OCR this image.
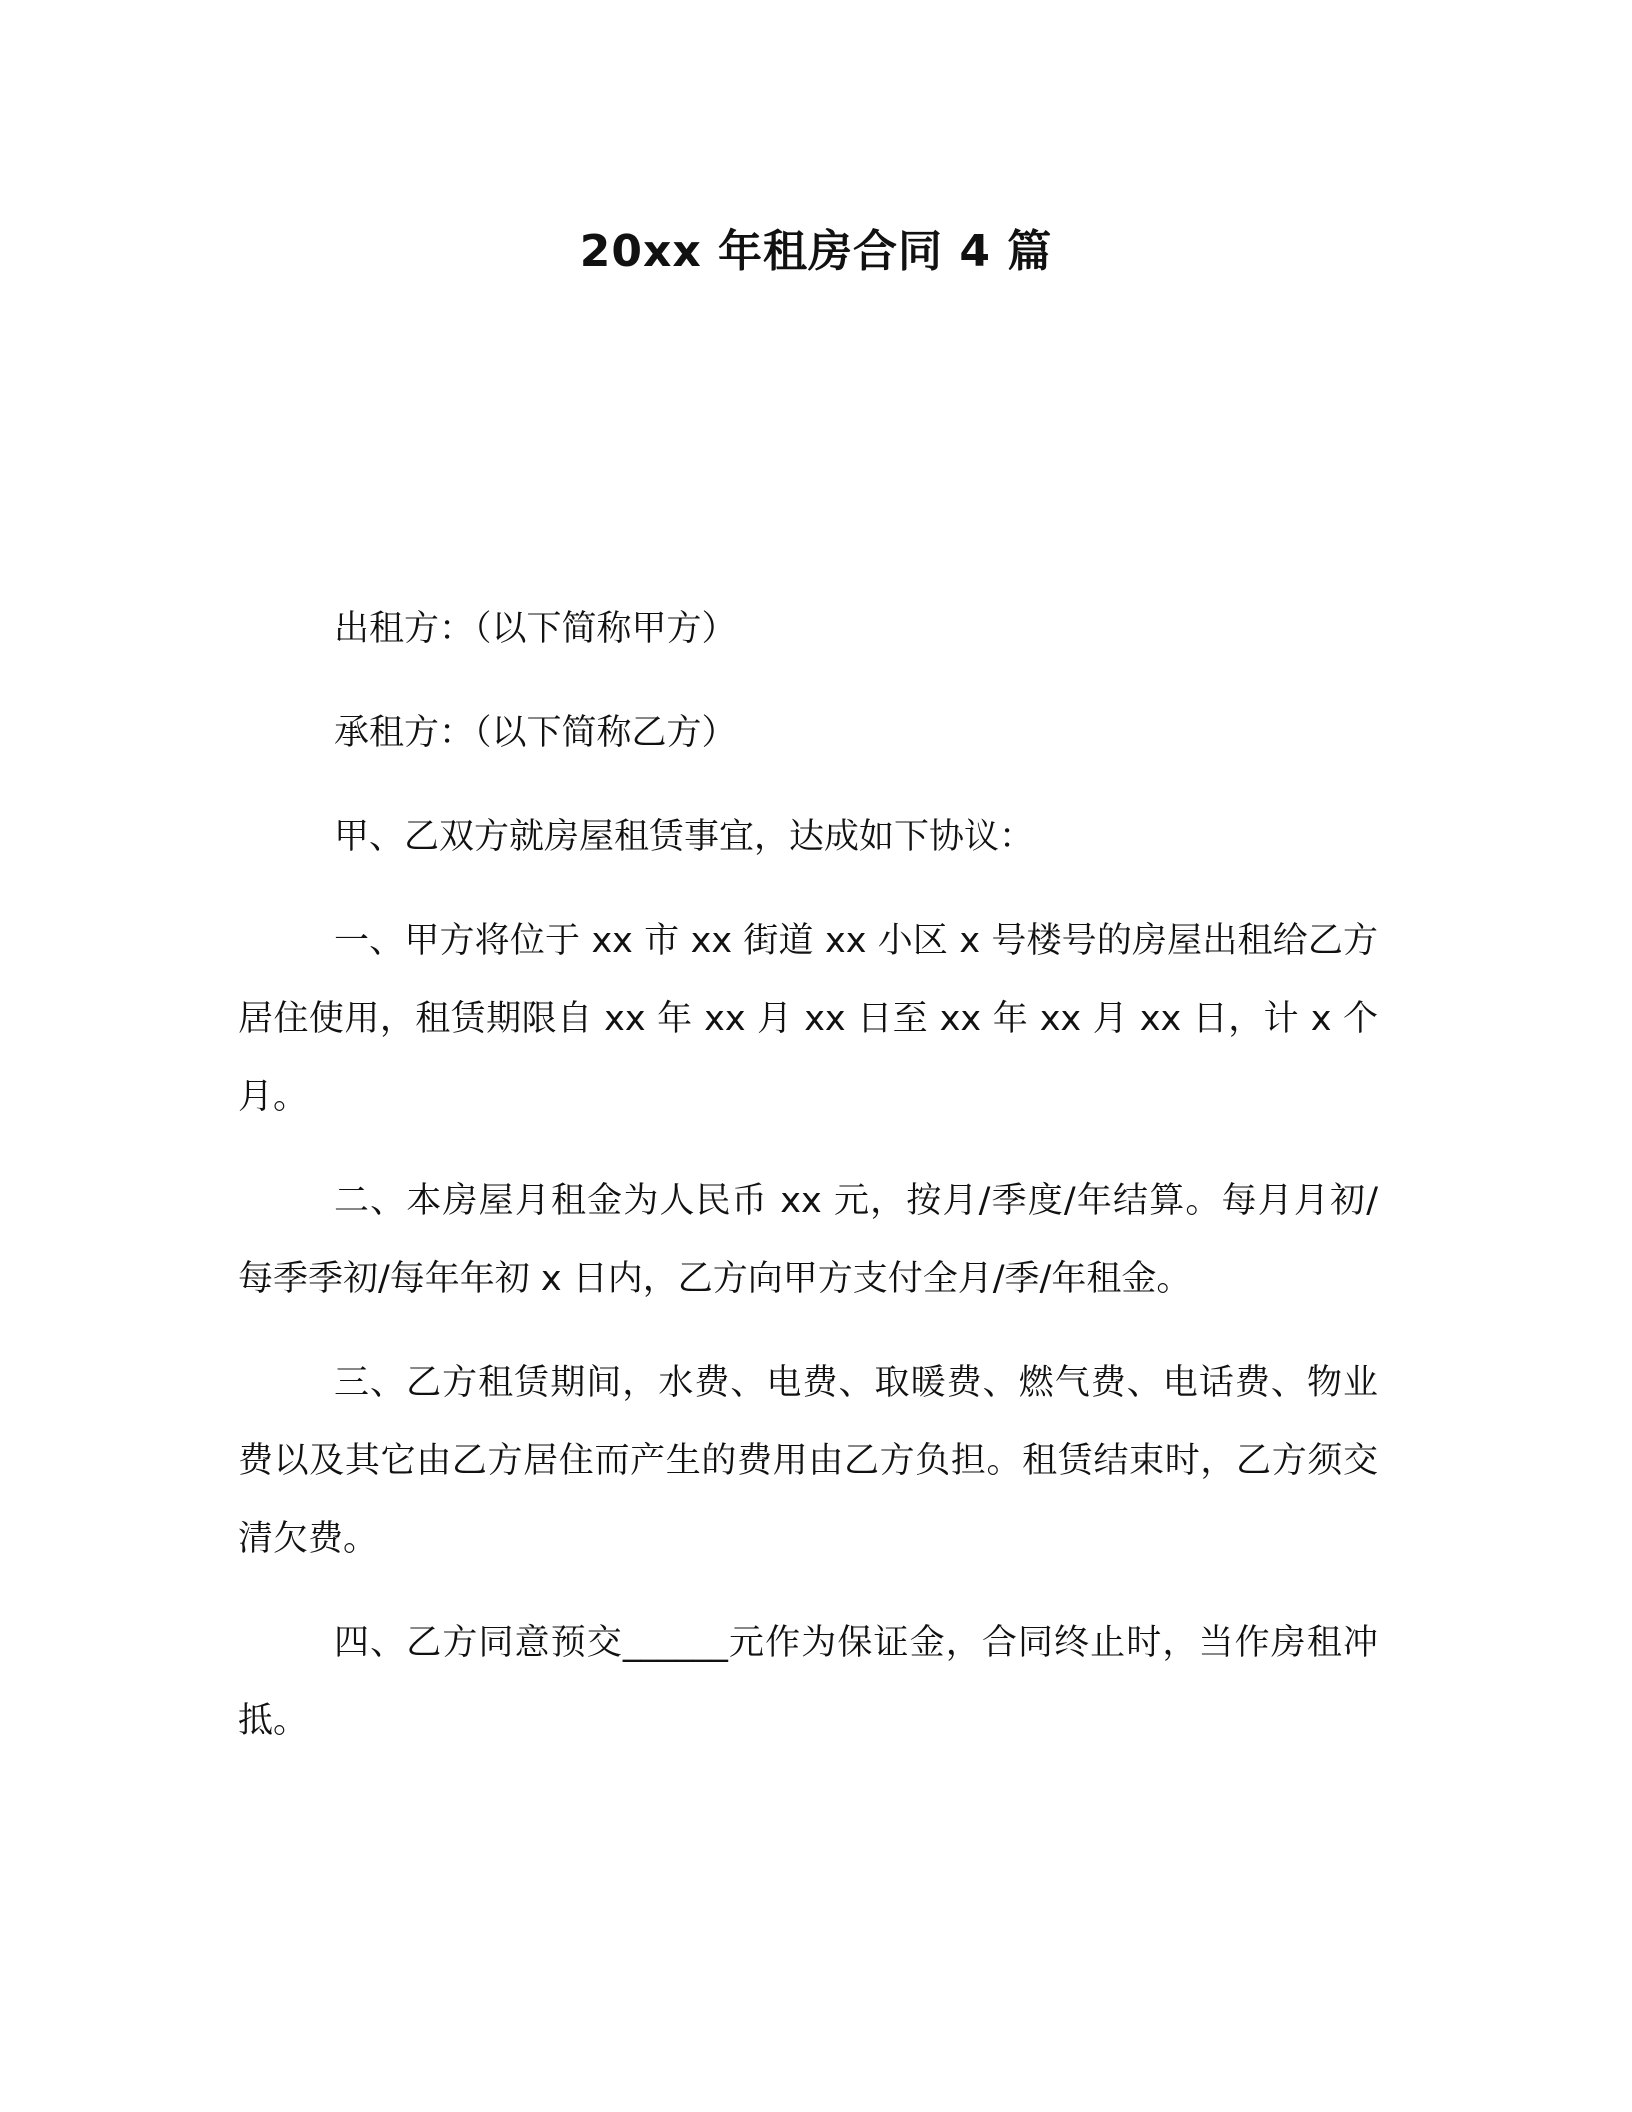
20xx 年租房合同 4 篇

出租方：（以下简称甲方）

承租方：（以下简称乙方）

甲、乙双方就房屋租赁事宜，达成如下协议：

一、甲方将位于 xx 市 xx 街道 xx 小区 x 号楼号的房屋出租给乙方居住使用，租赁期限自 xx 年 xx 月 xx 日至 xx 年 xx 月 xx 日，计 x 个月。

二、本房屋月租金为人民币 xx 元，按月/季度/年结算。每月月初/每季季初/每年年初 x 日内，乙方向甲方支付全月/季/年租金。

三、乙方租赁期间，水费、电费、取暖费、燃气费、电话费、物业费以及其它由乙方居住而产生的费用由乙方负担。租赁结束时，乙方须交清欠费。

四、乙方同意预交______元作为保证金，合同终止时，当作房租冲抵。
